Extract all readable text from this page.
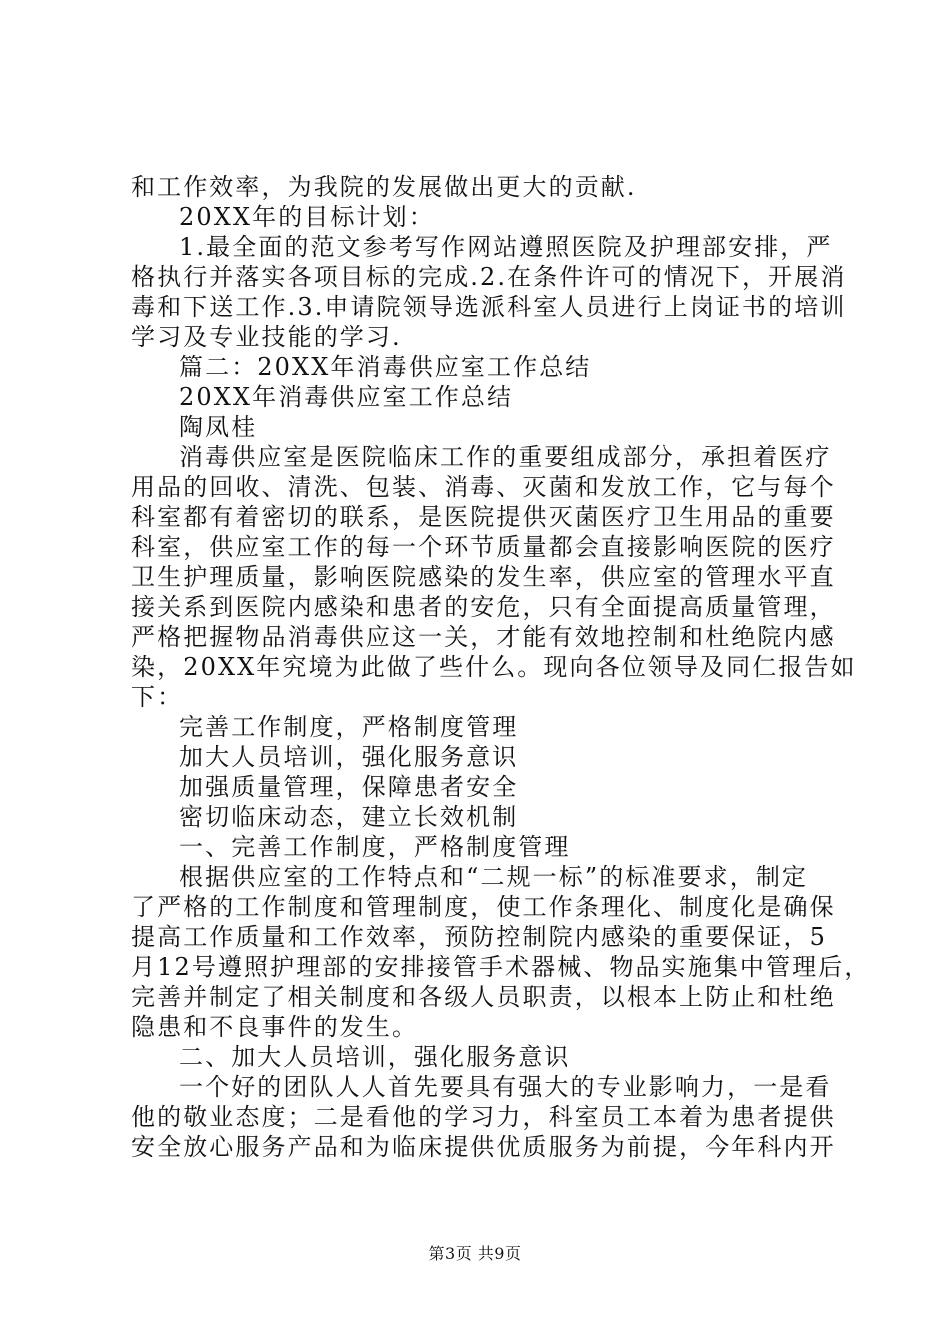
和工作效率，为我院的发展做出更大的贡献.
20XX年的目标计划：
1.最全面的范文参考写作网站遵照医院及护理部安排，严
格执行并落实各项目标的完成.2.在条件许可的情况下，开展消
毒和下送工作.3.申请院领导选派科室人员进行上岗证书的培训
学习及专业技能的学习.
篇二：20XX年消毒供应室工作总结
20XX年消毒供应室工作总结
陶凤桂
消毒供应室是医院临床工作的重要组成部分，承担着医疗
用品的回收、清洗、包装、消毒、灭菌和发放工作，它与每个
科室都有着密切的联系，是医院提供灭菌医疗卫生用品的重要
科室，供应室工作的每一个环节质量都会直接影响医院的医疗
卫生护理质量，影响医院感染的发生率，供应室的管理水平直
接关系到医院内感染和患者的安危，只有全面提高质量管理，
严格把握物品消毒供应这一关，才能有效地控制和杜绝院内感
染，20XX年究境为此做了些什么。现向各位领导及同仁报告如
下：
完善工作制度，严格制度管理
加大人员培训，强化服务意识
加强质量管理，保障患者安全
密切临床动态，建立长效机制
一、完善工作制度，严格制度管理
根据供应室的工作特点和“二规一标”的标准要求，制定
了严格的工作制度和管理制度，使工作条理化、制度化是确保
提高工作质量和工作效率，预防控制院内感染的重要保证，5
月12号遵照护理部的安排接管手术器械、物品实施集中管理后，
完善并制定了相关制度和各级人员职责，以根本上防止和杜绝
隐患和不良事件的发生。
二、加大人员培训，强化服务意识
一个好的团队人人首先要具有强大的专业影响力，一是看
他的敬业态度；二是看他的学习力，科室员工本着为患者提供
安全放心服务产品和为临床提供优质服务为前提，今年科内开
第3页 共9页
